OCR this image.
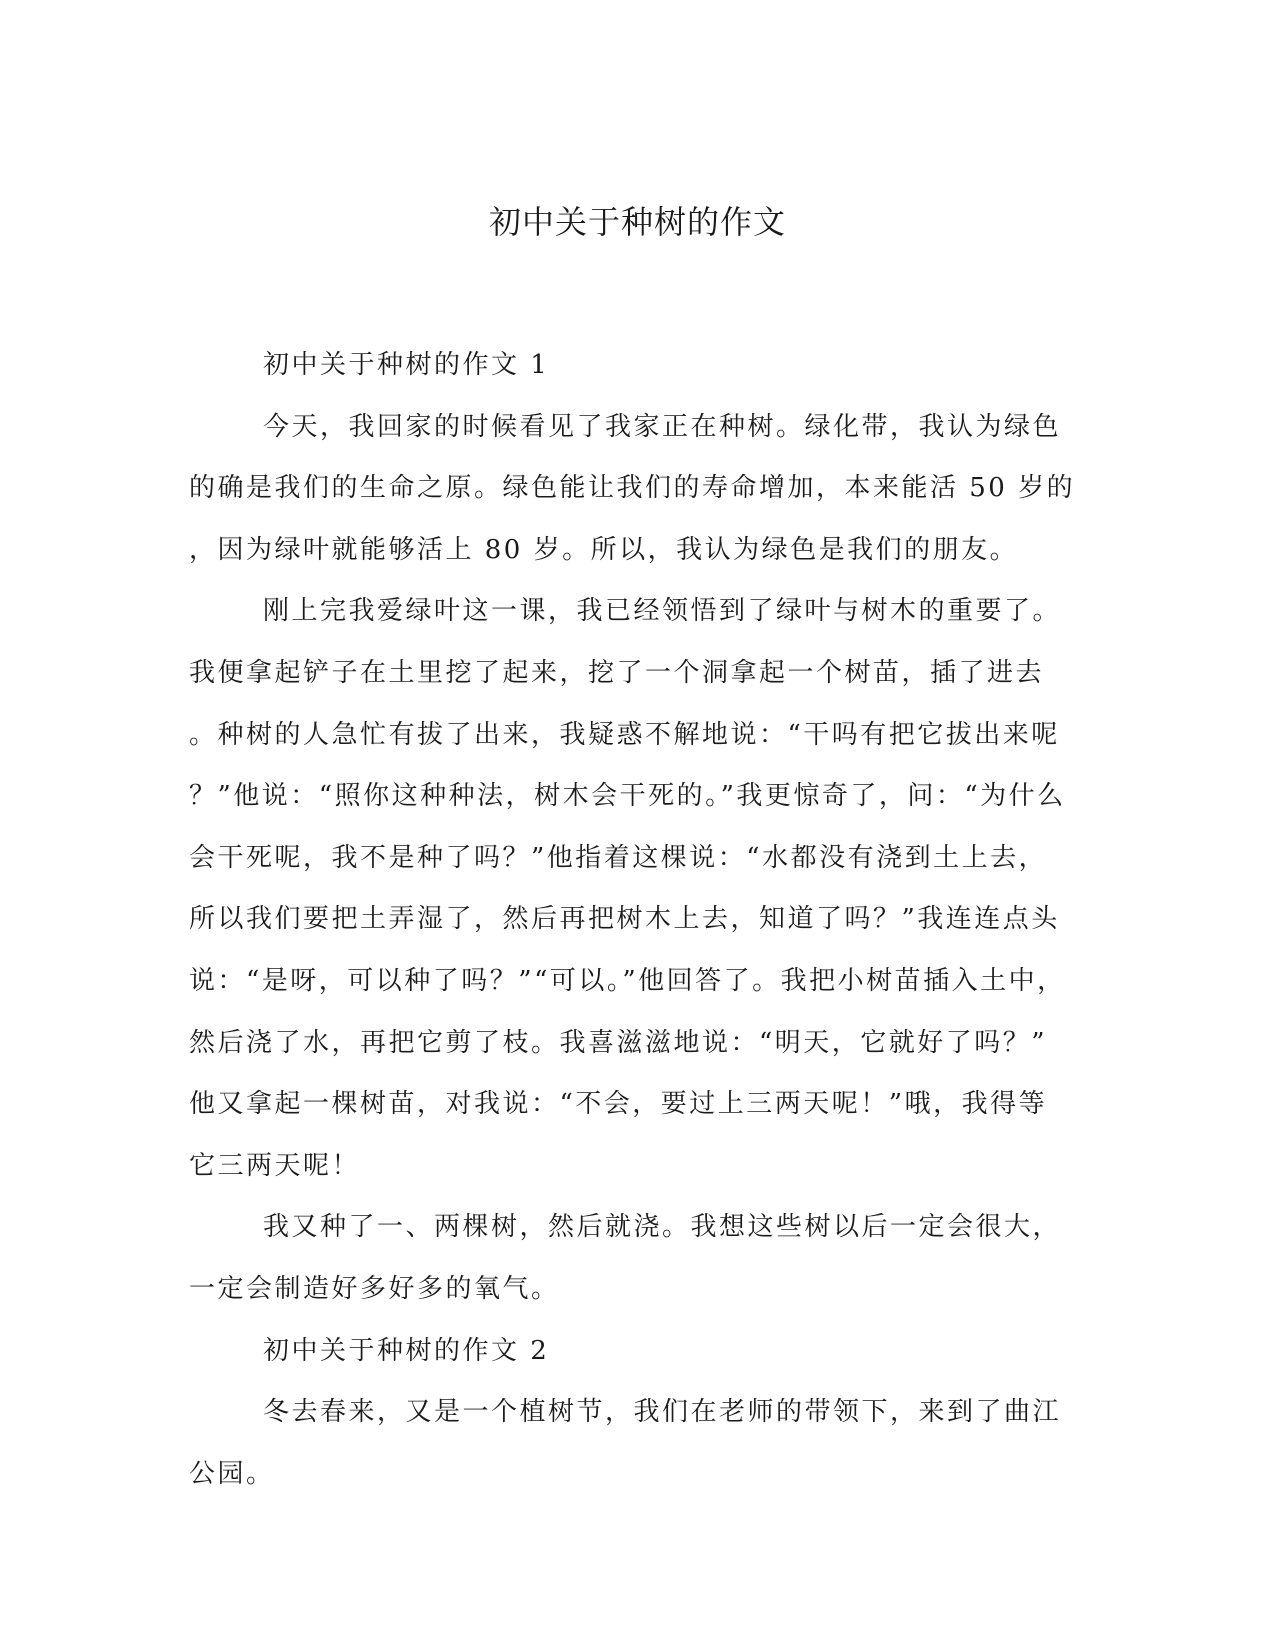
初中关于种树的作文

初中关于种树的作文 1

今天，我回家的时候看见了我家正在种树。绿化带，我认为绿色
的确是我们的生命之原。绿色能让我们的寿命增加，本来能活 50 岁的
，因为绿叶就能够活上 80 岁。所以，我认为绿色是我们的朋友。

刚上完我爱绿叶这一课，我已经领悟到了绿叶与树木的重要了。
我便拿起铲子在土里挖了起来，挖了一个洞拿起一个树苗，插了进去
。种树的人急忙有拔了出来，我疑惑不解地说：“干吗有把它拔出来呢
？”他说：“照你这种种法，树木会干死的。”我更惊奇了，问：“为什么
会干死呢，我不是种了吗？”他指着这棵说：“水都没有浇到土上去，
所以我们要把土弄湿了，然后再把树木上去，知道了吗？”我连连点头
说：“是呀，可以种了吗？”“可以。”他回答了。我把小树苗插入土中，
然后浇了水，再把它剪了枝。我喜滋滋地说：“明天，它就好了吗？”
他又拿起一棵树苗，对我说：“不会，要过上三两天呢！”哦，我得等
它三两天呢！

我又种了一、两棵树，然后就浇。我想这些树以后一定会很大，
一定会制造好多好多的氧气。

初中关于种树的作文 2

冬去春来，又是一个植树节，我们在老师的带领下，来到了曲江
公园。
